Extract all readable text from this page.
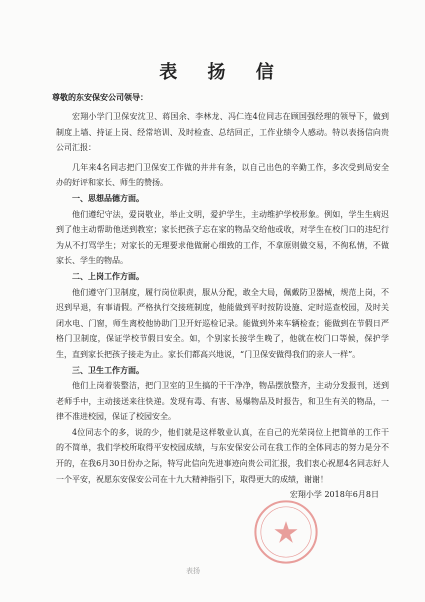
表 扬 信
尊敬的东安保安公司领导：

宏翔小学门卫保安沈卫、蒋国余、李林龙、冯仁连4位同志在顾国强经理的领导下，做到制度上墙、持证上岗、经常培训、及时检查、总结回正，工作业绩令人感动。特以表扬信向贵公司汇报：

几年来4名同志把门卫保安工作做的井井有条，以自己出色的辛勤工作，多次受到局安全办的好评和家长、师生的赞扬。

一、思想品德方面。

他们遵纪守法，爱岗敬业，举止文明，爱护学生，主动维护学校形象。例如，学生生病迟到了他主动帮助他送到教室；家长把孩子忘在家的物品交给他或收，对学生在校门口的违纪行为从不打骂学生；对家长的无理要求他做耐心细致的工作，不拿原则做交易，不徇私情，不做家长、学生的物品。

二、上岗工作方面。

他们遵守门卫制度，履行岗位职责，服从分配，敢全大局，佩戴防卫器械，规范上岗，不迟到早退，有事请假。严格执行交接班制度，他能做到平时按防设施、定时巡查校园，及时关闭水电、门窗，师生离校他协助门卫开好巡检记录。能做到外来车辆检查；能做到在节假日严格门卫制度，保证学校节假日安全。如，个别家长接学生晚了，他就在校门口等候，保护学生，直到家长把孩子接走为止。家长们都高兴地说，“门卫保安做得我们的亲人一样”。

三、卫生工作方面。

他们上岗着装整洁，把门卫室的卫生搞的干干净净，物品摆放整齐，主动分发报刊，送到老师手中，主动接送来往快递。发现有毒、有害、易爆物品及时报告，和卫生有关的物品，一律不准进校园，保证了校园安全。

4位同志个的多，说的少，他们就是这样敬业认真，在自己的光荣岗位上把简单的工作干的不简单，我们学校所取得平安校园成绩，与东安保安公司在我工作的全体同志的努力是分不开的，在我6月30日份办之际，特写此信向先进事迹向贵公司汇报，我们衷心祝愿4名同志好人一个平安，祝愿东安保安公司在十九大精神指引下，取得更大的成绩，谢谢！

宏翔小学 2018年6月8日
表扬
